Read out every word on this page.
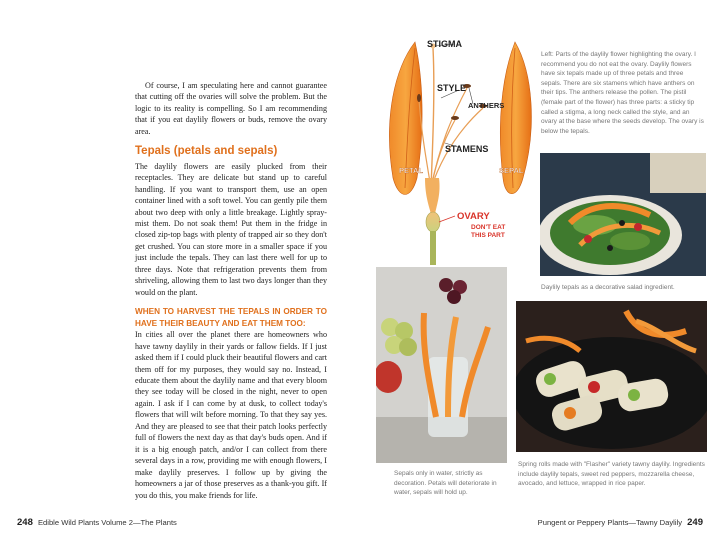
Of course, I am speculating here and cannot guarantee that cutting off the ovaries will solve the problem. But the logic to its reality is compelling. So I am recommending that if you eat daylily flowers or buds, remove the ovary area.

Tepals (petals and sepals)

The daylily flowers are easily plucked from their receptacles. They are delicate but stand up to careful handling. If you want to transport them, use an open container lined with a soft towel. You can gently pile them about two deep with only a little breakage. Lightly spray-mist them. Do not soak them! Put them in the fridge in closed zip-top bags with plenty of trapped air so they don't get crushed. You can store more in a smaller space if you just include the tepals. They can last there well for up to three days. Note that refrigeration prevents them from shriveling, allowing them to last two days longer than they would on the plant.

WHEN TO HARVEST THE TEPALS IN ORDER TO HAVE THEIR BEAUTY AND EAT THEM TOO:

In cities all over the planet there are homeowners who have tawny daylily in their yards or fallow fields. If I just asked them if I could pluck their beautiful flowers and cart them off for my purposes, they would say no. Instead, I educate them about the daylily name and that every bloom they see today will be closed in the night, never to open again. I ask if I can come by at dusk, to collect today's flowers that will wilt before morning. To that they say yes. And they are pleased to see that their patch looks perfectly full of flowers the next day as that day's buds open. And if it is a big enough patch, and/or I can collect from there several days in a row, providing me with enough flowers, I make daylily preserves. I follow up by giving the homeowners a jar of those preserves as a thank-you gift. If you do this, you make friends for life.

STIGMA
STYLE
ANTHERS
STAMENS
PETAL	SEPAL
OVARY
DON'T EAT
THIS PART
Left: Parts of the daylily flower highlighting the ovary. I recommend you do not eat the ovary. Daylily flowers have six tepals made up of three petals and three sepals. There are six stamens which have anthers on their tips. The anthers release the pollen. The pistil (female part of the flower) has three parts: a sticky tip called a stigma, a long neck called the style, and an ovary at the base where the seeds develop. The ovary is below the tepals.
Daylily tepals as a decorative salad ingredient.
Sepals only in water, strictly as decoration. Petals will deteriorate in water, sepals will hold up.
Spring rolls made with "Flasher" variety tawny daylily. Ingredients include daylily tepals, sweet red peppers, mozzarella cheese, avocado, and lettuce, wrapped in rice paper.
248 Edible Wild Plants Volume 2—The Plants	Pungent or Peppery Plants—Tawny Daylily 249
